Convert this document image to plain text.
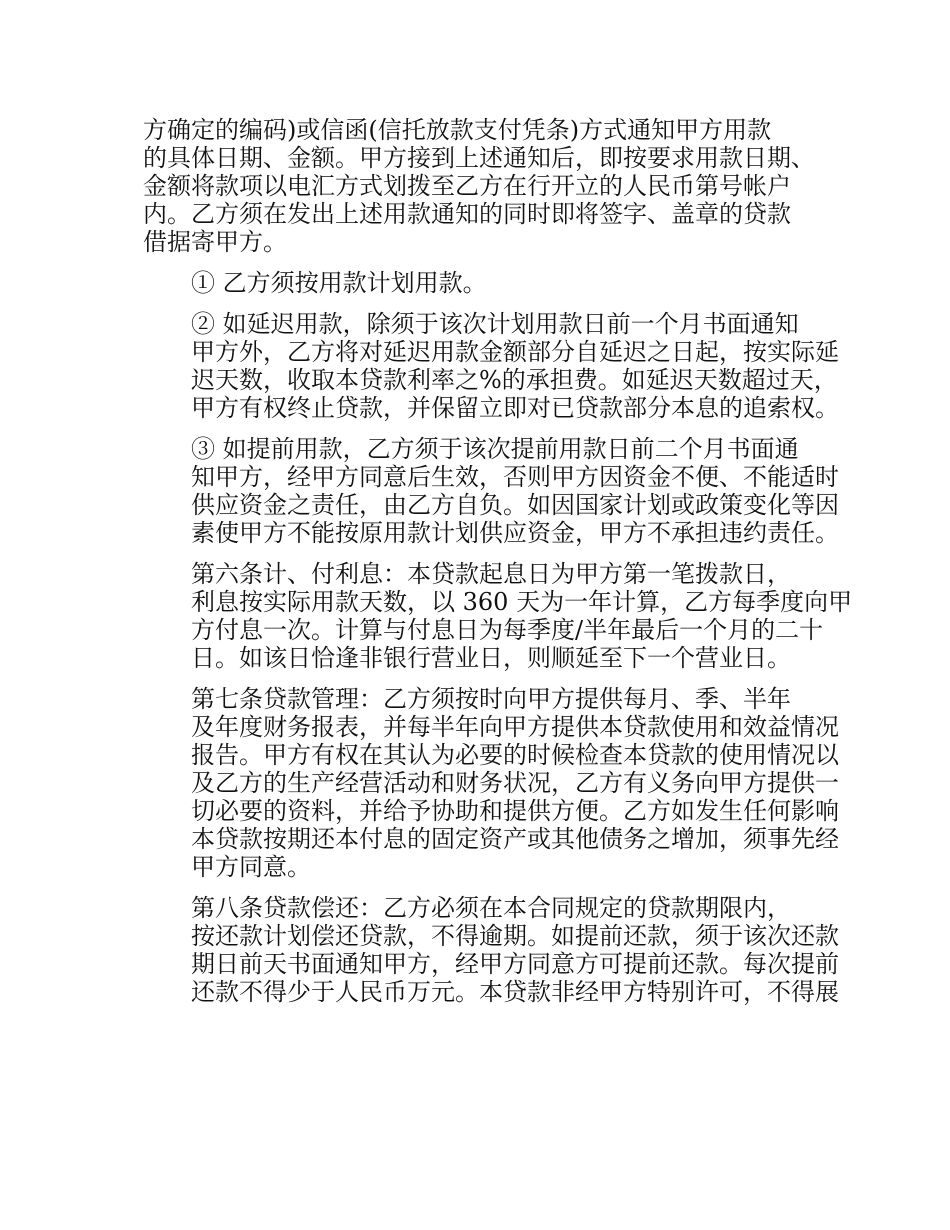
方确定的编码)或信函(信托放款支付凭条)方式通知甲方用款
的具体日期、金额。甲方接到上述通知后，即按要求用款日期、
金额将款项以电汇方式划拨至乙方在行开立的人民币第号帐户
内。乙方须在发出上述用款通知的同时即将签字、盖章的贷款
借据寄甲方。
① 乙方须按用款计划用款。
② 如延迟用款，除须于该次计划用款日前一个月书面通知
甲方外，乙方将对延迟用款金额部分自延迟之日起，按实际延
迟天数，收取本贷款利率之%的承担费。如延迟天数超过天，
甲方有权终止贷款，并保留立即对已贷款部分本息的追索权。
③ 如提前用款，乙方须于该次提前用款日前二个月书面通
知甲方，经甲方同意后生效，否则甲方因资金不便、不能适时
供应资金之责任，由乙方自负。如因国家计划或政策变化等因
素使甲方不能按原用款计划供应资金，甲方不承担违约责任。
第六条计、付利息：本贷款起息日为甲方第一笔拨款日，
利息按实际用款天数，以 360 天为一年计算，乙方每季度向甲
方付息一次。计算与付息日为每季度/半年最后一个月的二十
日。如该日恰逢非银行营业日，则顺延至下一个营业日。
第七条贷款管理：乙方须按时向甲方提供每月、季、半年
及年度财务报表，并每半年向甲方提供本贷款使用和效益情况
报告。甲方有权在其认为必要的时候检查本贷款的使用情况以
及乙方的生产经营活动和财务状况，乙方有义务向甲方提供一
切必要的资料，并给予协助和提供方便。乙方如发生任何影响
本贷款按期还本付息的固定资产或其他债务之增加，须事先经
甲方同意。
第八条贷款偿还：乙方必须在本合同规定的贷款期限内，
按还款计划偿还贷款，不得逾期。如提前还款，须于该次还款
期日前天书面通知甲方，经甲方同意方可提前还款。每次提前
还款不得少于人民币万元。本贷款非经甲方特别许可，不得展
